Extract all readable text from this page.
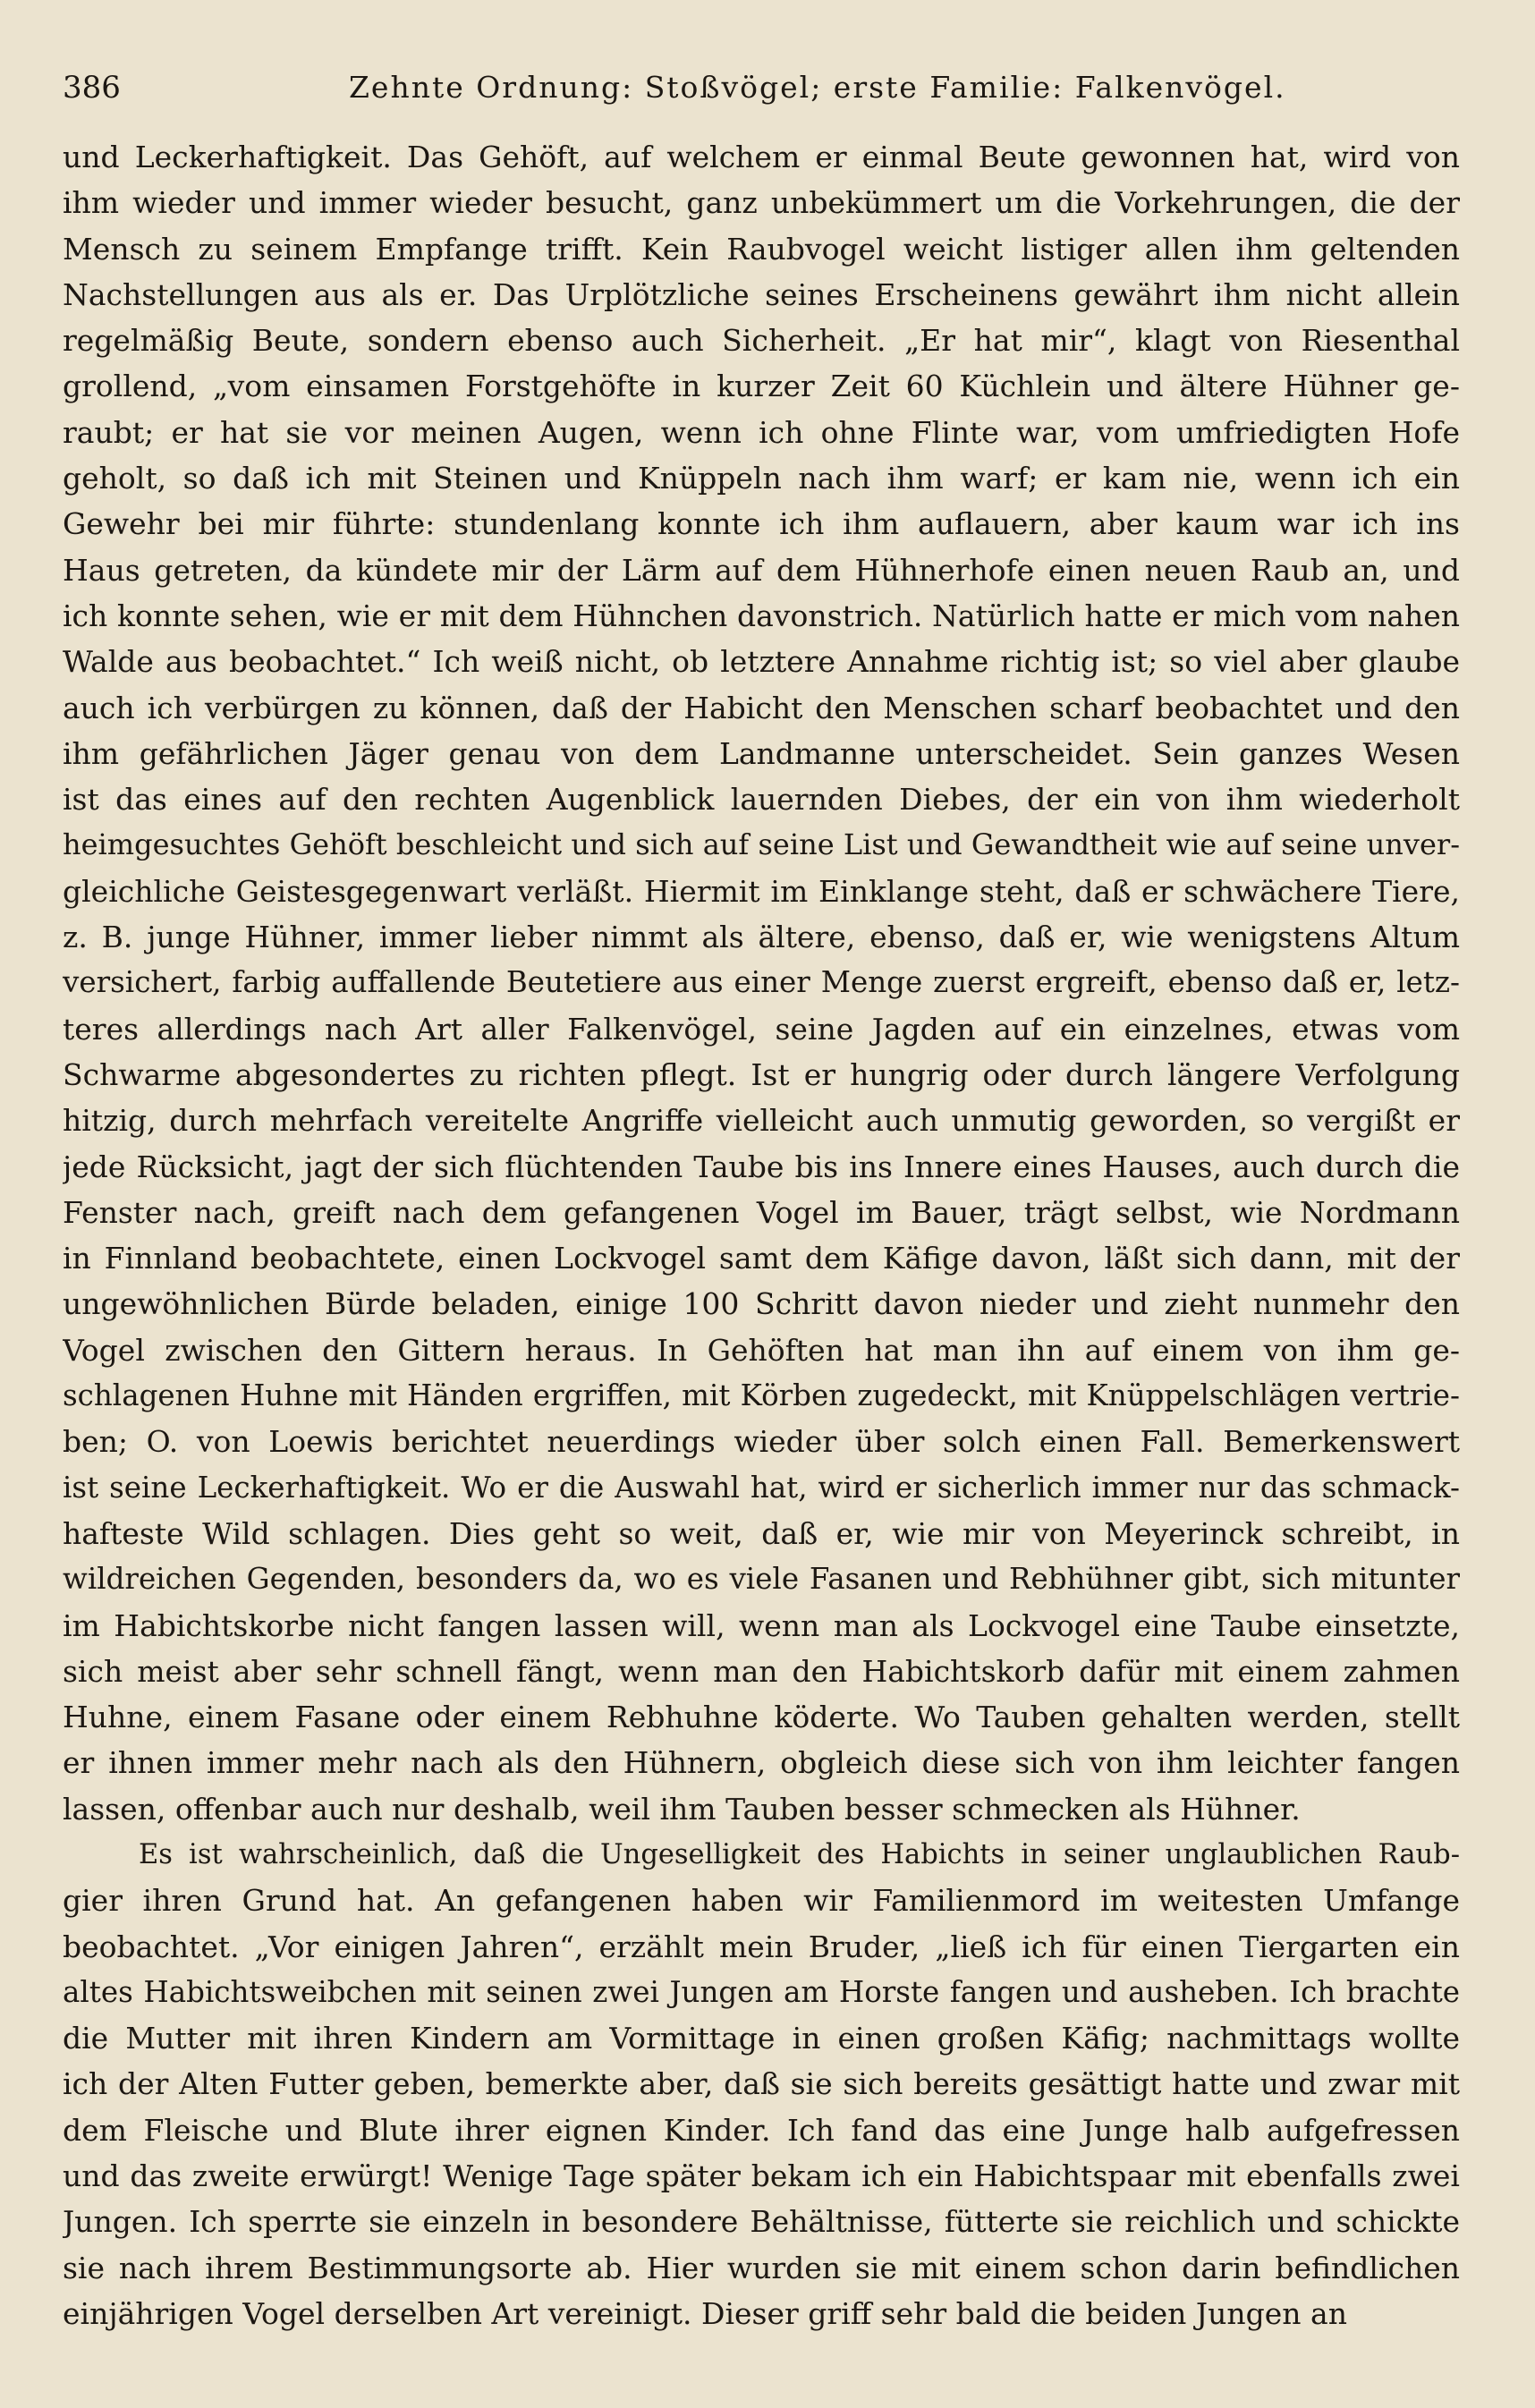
386	Zehnte Ordnung: Stoßvögel; erste Familie: Falkenvögel.
und Leckerhaftigkeit. Das Gehöft, auf welchem er einmal Beute gewonnen hat, wird von
ihm wieder und immer wieder besucht, ganz unbekümmert um die Vorkehrungen, die der
Mensch zu seinem Empfange trifft. Kein Raubvogel weicht listiger allen ihm geltenden
Nachstellungen aus als er. Das Urplötzliche seines Erscheinens gewährt ihm nicht allein
regelmäßig Beute, sondern ebenso auch Sicherheit. „Er hat mir“, klagt von Riesenthal
grollend, „vom einsamen Forstgehöfte in kurzer Zeit 60 Küchlein und ältere Hühner ge-
raubt; er hat sie vor meinen Augen, wenn ich ohne Flinte war, vom umfriedigten Hofe
geholt, so daß ich mit Steinen und Knüppeln nach ihm warf; er kam nie, wenn ich ein
Gewehr bei mir führte: stundenlang konnte ich ihm auflauern, aber kaum war ich ins
Haus getreten, da kündete mir der Lärm auf dem Hühnerhofe einen neuen Raub an, und
ich konnte sehen, wie er mit dem Hühnchen davonstrich. Natürlich hatte er mich vom nahen
Walde aus beobachtet.“ Ich weiß nicht, ob letztere Annahme richtig ist; so viel aber glaube
auch ich verbürgen zu können, daß der Habicht den Menschen scharf beobachtet und den
ihm gefährlichen Jäger genau von dem Landmanne unterscheidet. Sein ganzes Wesen
ist das eines auf den rechten Augenblick lauernden Diebes, der ein von ihm wiederholt
heimgesuchtes Gehöft beschleicht und sich auf seine List und Gewandtheit wie auf seine unver-
gleichliche Geistesgegenwart verläßt. Hiermit im Einklange steht, daß er schwächere Tiere,
z. B. junge Hühner, immer lieber nimmt als ältere, ebenso, daß er, wie wenigstens Altum
versichert, farbig auffallende Beutetiere aus einer Menge zuerst ergreift, ebenso daß er, letz-
teres allerdings nach Art aller Falkenvögel, seine Jagden auf ein einzelnes, etwas vom
Schwarme abgesondertes zu richten pflegt. Ist er hungrig oder durch längere Verfolgung
hitzig, durch mehrfach vereitelte Angriffe vielleicht auch unmutig geworden, so vergißt er
jede Rücksicht, jagt der sich flüchtenden Taube bis ins Innere eines Hauses, auch durch die
Fenster nach, greift nach dem gefangenen Vogel im Bauer, trägt selbst, wie Nordmann
in Finnland beobachtete, einen Lockvogel samt dem Käfige davon, läßt sich dann, mit der
ungewöhnlichen Bürde beladen, einige 100 Schritt davon nieder und zieht nunmehr den
Vogel zwischen den Gittern heraus. In Gehöften hat man ihn auf einem von ihm ge-
schlagenen Huhne mit Händen ergriffen, mit Körben zugedeckt, mit Knüppelschlägen vertrie-
ben; O. von Loewis berichtet neuerdings wieder über solch einen Fall. Bemerkenswert
ist seine Leckerhaftigkeit. Wo er die Auswahl hat, wird er sicherlich immer nur das schmack-
hafteste Wild schlagen. Dies geht so weit, daß er, wie mir von Meyerinck schreibt, in
wildreichen Gegenden, besonders da, wo es viele Fasanen und Rebhühner gibt, sich mitunter
im Habichtskorbe nicht fangen lassen will, wenn man als Lockvogel eine Taube einsetzte,
sich meist aber sehr schnell fängt, wenn man den Habichtskorb dafür mit einem zahmen
Huhne, einem Fasane oder einem Rebhuhne köderte. Wo Tauben gehalten werden, stellt
er ihnen immer mehr nach als den Hühnern, obgleich diese sich von ihm leichter fangen
lassen, offenbar auch nur deshalb, weil ihm Tauben besser schmecken als Hühner.
Es ist wahrscheinlich, daß die Ungeselligkeit des Habichts in seiner unglaublichen Raub-
gier ihren Grund hat. An gefangenen haben wir Familienmord im weitesten Umfange
beobachtet. „Vor einigen Jahren“, erzählt mein Bruder, „ließ ich für einen Tiergarten ein
altes Habichtsweibchen mit seinen zwei Jungen am Horste fangen und ausheben. Ich brachte
die Mutter mit ihren Kindern am Vormittage in einen großen Käfig; nachmittags wollte
ich der Alten Futter geben, bemerkte aber, daß sie sich bereits gesättigt hatte und zwar mit
dem Fleische und Blute ihrer eignen Kinder. Ich fand das eine Junge halb aufgefressen
und das zweite erwürgt! Wenige Tage später bekam ich ein Habichtspaar mit ebenfalls zwei
Jungen. Ich sperrte sie einzeln in besondere Behältnisse, fütterte sie reichlich und schickte
sie nach ihrem Bestimmungsorte ab. Hier wurden sie mit einem schon darin befindlichen
einjährigen Vogel derselben Art vereinigt. Dieser griff sehr bald die beiden Jungen an
